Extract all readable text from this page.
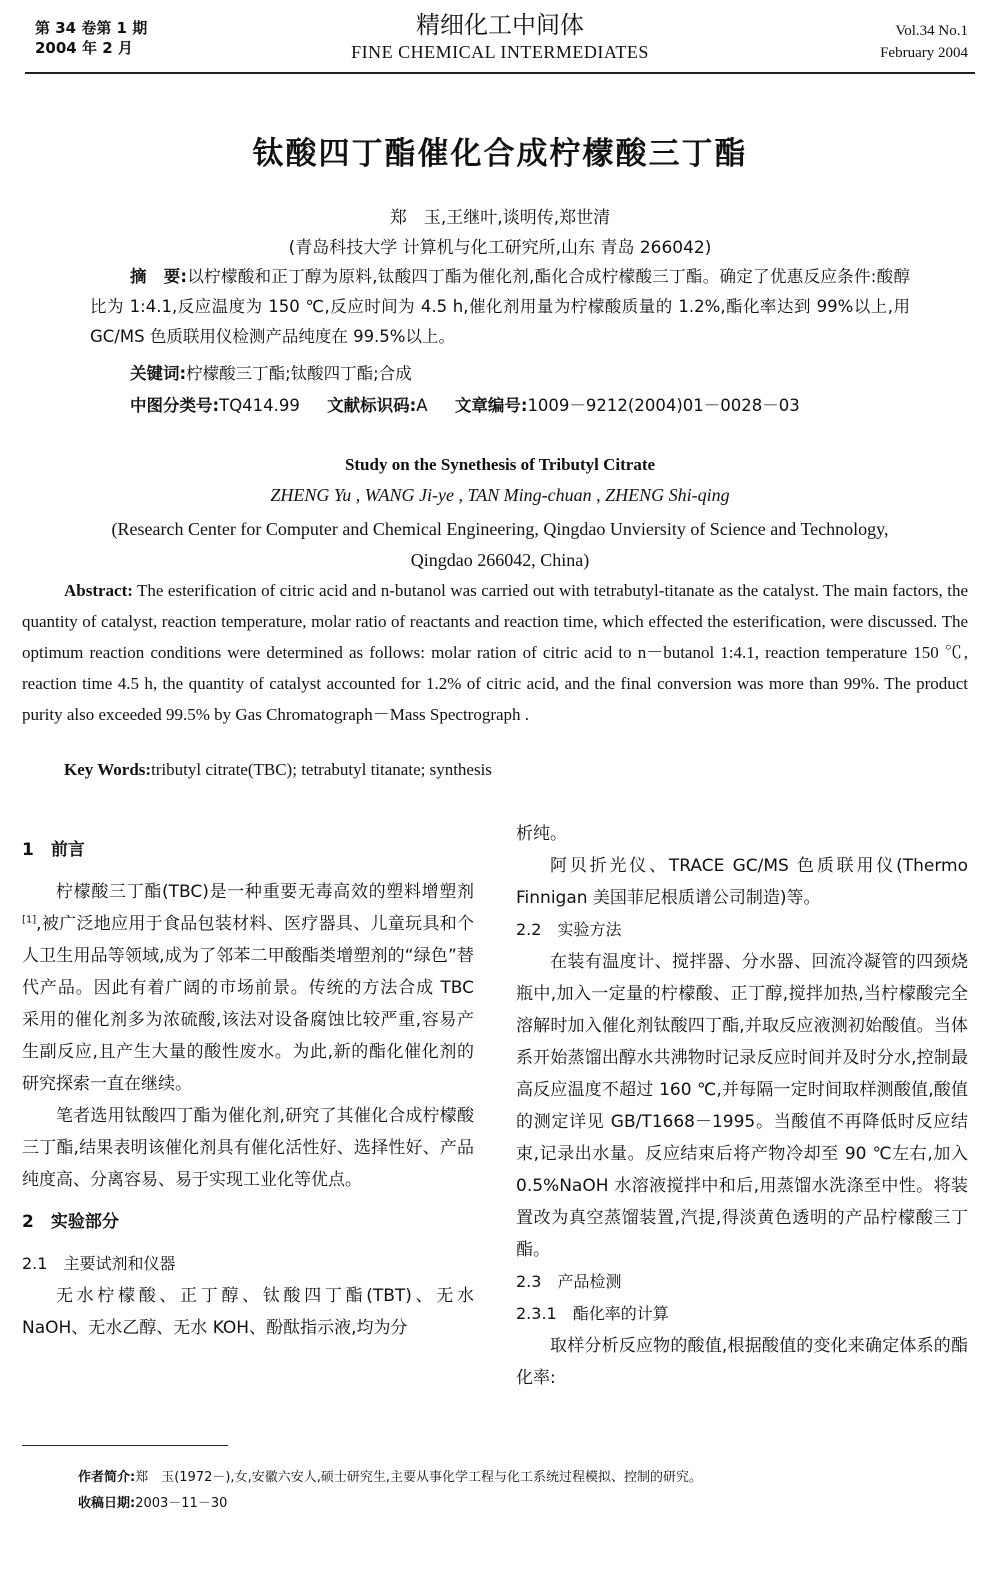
第 34 卷第 1 期
2004 年 2 月
精细化工中间体
FINE CHEMICAL INTERMEDIATES
Vol.34 No.1
February 2004
钛酸四丁酯催化合成柠檬酸三丁酯
郑　玉,王继叶,谈明传,郑世清
(青岛科技大学 计算机与化工研究所,山东 青岛 266042)
摘　要:以柠檬酸和正丁醇为原料,钛酸四丁酯为催化剂,酯化合成柠檬酸三丁酯。确定了优惠反应条件:酸醇比为 1:4.1,反应温度为 150 ℃,反应时间为 4.5 h,催化剂用量为柠檬酸质量的 1.2%,酯化率达到 99%以上,用 GC/MS 色质联用仪检测产品纯度在 99.5%以上。
关键词:柠檬酸三丁酯;钛酸四丁酯;合成
中图分类号:TQ414.99 文献标识码:A 文章编号:1009－9212(2004)01－0028－03
Study on the Synethesis of Tributyl Citrate
ZHENG Yu , WANG Ji-ye , TAN Ming-chuan , ZHENG Shi-qing
(Research Center for Computer and Chemical Engineering, Qingdao Unviersity of Science and Technology, Qingdao 266042, China)

Abstract: The esterification of citric acid and n-butanol was carried out with tetrabutyl-titanate as the catalyst. The main factors, the quantity of catalyst, reaction temperature, molar ratio of reactants and reaction time, which effected the esterification, were discussed. The optimum reaction conditions were determined as follows: molar ration of citric acid to n－butanol 1:4.1, reaction temperature 150 ℃, reaction time 4.5 h, the quantity of catalyst accounted for 1.2% of citric acid, and the final conversion was more than 99%. The product purity also exceeded 99.5% by Gas Chromatograph－Mass Spectrograph .

Key Words:tributyl citrate(TBC); tetrabutyl titanate; synthesis
1　前言

柠檬酸三丁酯(TBC)是一种重要无毒高效的塑料增塑剂[1],被广泛地应用于食品包装材料、医疗器具、儿童玩具和个人卫生用品等领域,成为了邻苯二甲酸酯类增塑剂的“绿色”替代产品。因此有着广阔的市场前景。传统的方法合成 TBC 采用的催化剂多为浓硫酸,该法对设备腐蚀比较严重,容易产生副反应,且产生大量的酸性废水。为此,新的酯化催化剂的研究探索一直在继续。

笔者选用钛酸四丁酯为催化剂,研究了其催化合成柠檬酸三丁酯,结果表明该催化剂具有催化活性好、选择性好、产品纯度高、分离容易、易于实现工业化等优点。

2　实验部分
2.1　主要试剂和仪器

无水柠檬酸、正丁醇、钛酸四丁酯(TBT)、无水 NaOH、无水乙醇、无水 KOH、酚酞指示液,均为分

析纯。

阿贝折光仪、TRACE GC/MS 色质联用仪(Thermo Finnigan 美国菲尼根质谱公司制造)等。

2.2　实验方法

在装有温度计、搅拌器、分水器、回流冷凝管的四颈烧瓶中,加入一定量的柠檬酸、正丁醇,搅拌加热,当柠檬酸完全溶解时加入催化剂钛酸四丁酯,并取反应液测初始酸值。当体系开始蒸馏出醇水共沸物时记录反应时间并及时分水,控制最高反应温度不超过 160 ℃,并每隔一定时间取样测酸值,酸值的测定详见 GB/T1668－1995。当酸值不再降低时反应结束,记录出水量。反应结束后将产物冷却至 90 ℃左右,加入 0.5%NaOH 水溶液搅拌中和后,用蒸馏水洗涤至中性。将装置改为真空蒸馏装置,汽提,得淡黄色透明的产品柠檬酸三丁酯。

2.3　产品检测
2.3.1　酯化率的计算

取样分析反应物的酸值,根据酸值的变化来确定体系的酯化率:

作者简介:郑　玉(1972－),女,安徽六安人,硕士研究生,主要从事化学工程与化工系统过程模拟、控制的研究。
收稿日期:2003－11－30
